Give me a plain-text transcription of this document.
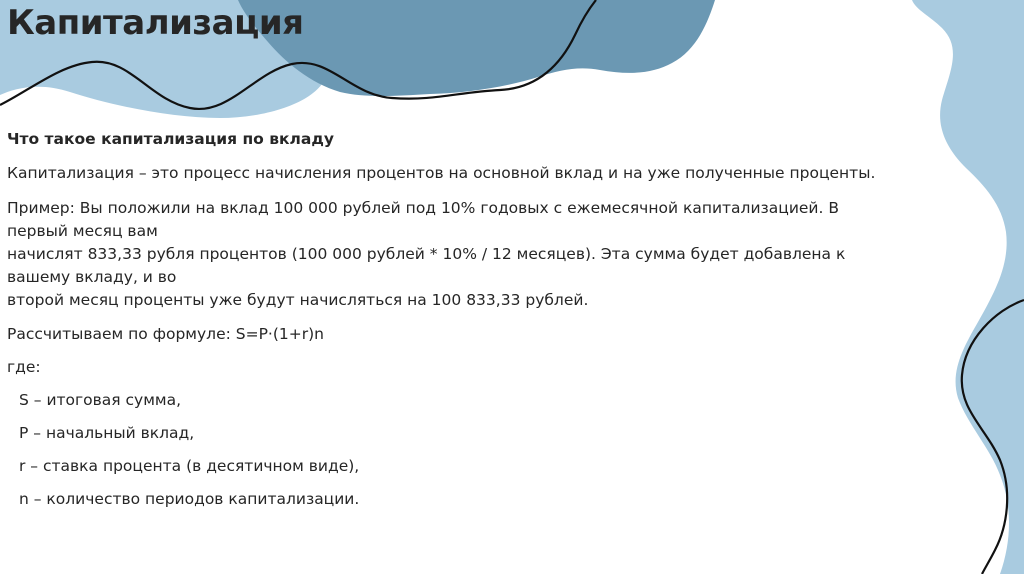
Капитализация

Что такое капитализация по вкладу

Капитализация – это процесс начисления процентов на основной вклад и на уже полученные проценты.

Пример: Вы положили на вклад 100 000 рублей под 10% годовых с ежемесячной капитализацией. В первый месяц вам
начислят 833,33 рубля процентов (100 000 рублей * 10% / 12 месяцев). Эта сумма будет добавлена к вашему вкладу, и во
второй месяц проценты уже будут начисляться на 100 833,33 рублей.

Рассчитываем по формуле: S=P·(1+r)n

где:

S – итоговая сумма,
P – начальный вклад,
r – ставка процента (в десятичном виде),
n – количество периодов капитализации.
